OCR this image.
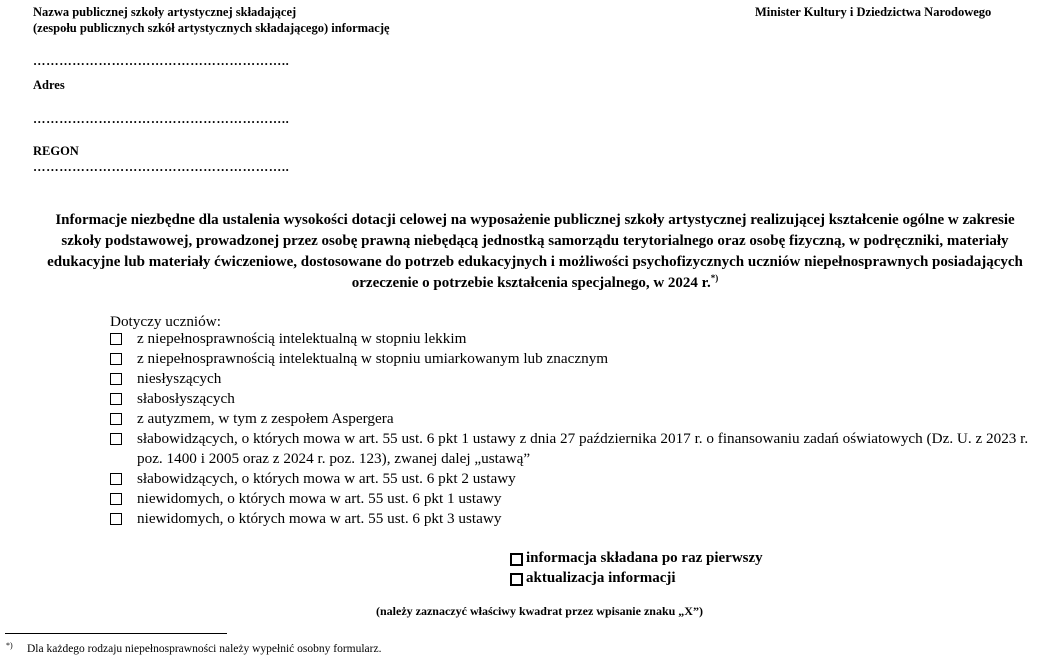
Nazwa publicznej szkoły artystycznej składającej
(zespołu publicznych szkół artystycznych składającego) informację
Minister Kultury i Dziedzictwa Narodowego
…………………………………………………..
Adres
…………………………………………………..
REGON
…………………………………………………..
Informacje niezbędne dla ustalenia wysokości dotacji celowej na wyposażenie publicznej szkoły artystycznej realizującej kształcenie ogólne w zakresie
szkoły podstawowej, prowadzonej przez osobę prawną niebędącą jednostką samorządu terytorialnego oraz osobę fizyczną, w podręczniki, materiały
edukacyjne lub materiały ćwiczeniowe, dostosowane do potrzeb edukacyjnych i możliwości psychofizycznych uczniów niepełnosprawnych posiadających
orzeczenie o potrzebie kształcenia specjalnego, w 2024 r.*)
Dotyczy uczniów:
z niepełnosprawnością intelektualną w stopniu lekkim
z niepełnosprawnością intelektualną w stopniu umiarkowanym lub znacznym
niesłyszących
słabosłyszących
z autyzmem, w tym z zespołem Aspergera
słabowidzących, o których mowa w art. 55 ust. 6 pkt 1 ustawy z dnia 27 października 2017 r. o finansowaniu zadań oświatowych (Dz. U. z 2023 r.
poz. 1400 i 2005 oraz z 2024 r. poz. 123), zwanej dalej „ustawą”
słabowidzących, o których mowa w art. 55 ust. 6 pkt 2 ustawy
niewidomych, o których mowa w art. 55 ust. 6 pkt 1 ustawy
niewidomych, o których mowa w art. 55 ust. 6 pkt 3 ustawy
informacja składana po raz pierwszy
aktualizacja informacji
(należy zaznaczyć właściwy kwadrat przez wpisanie znaku „X”)
*) Dla każdego rodzaju niepełnosprawności należy wypełnić osobny formularz.
